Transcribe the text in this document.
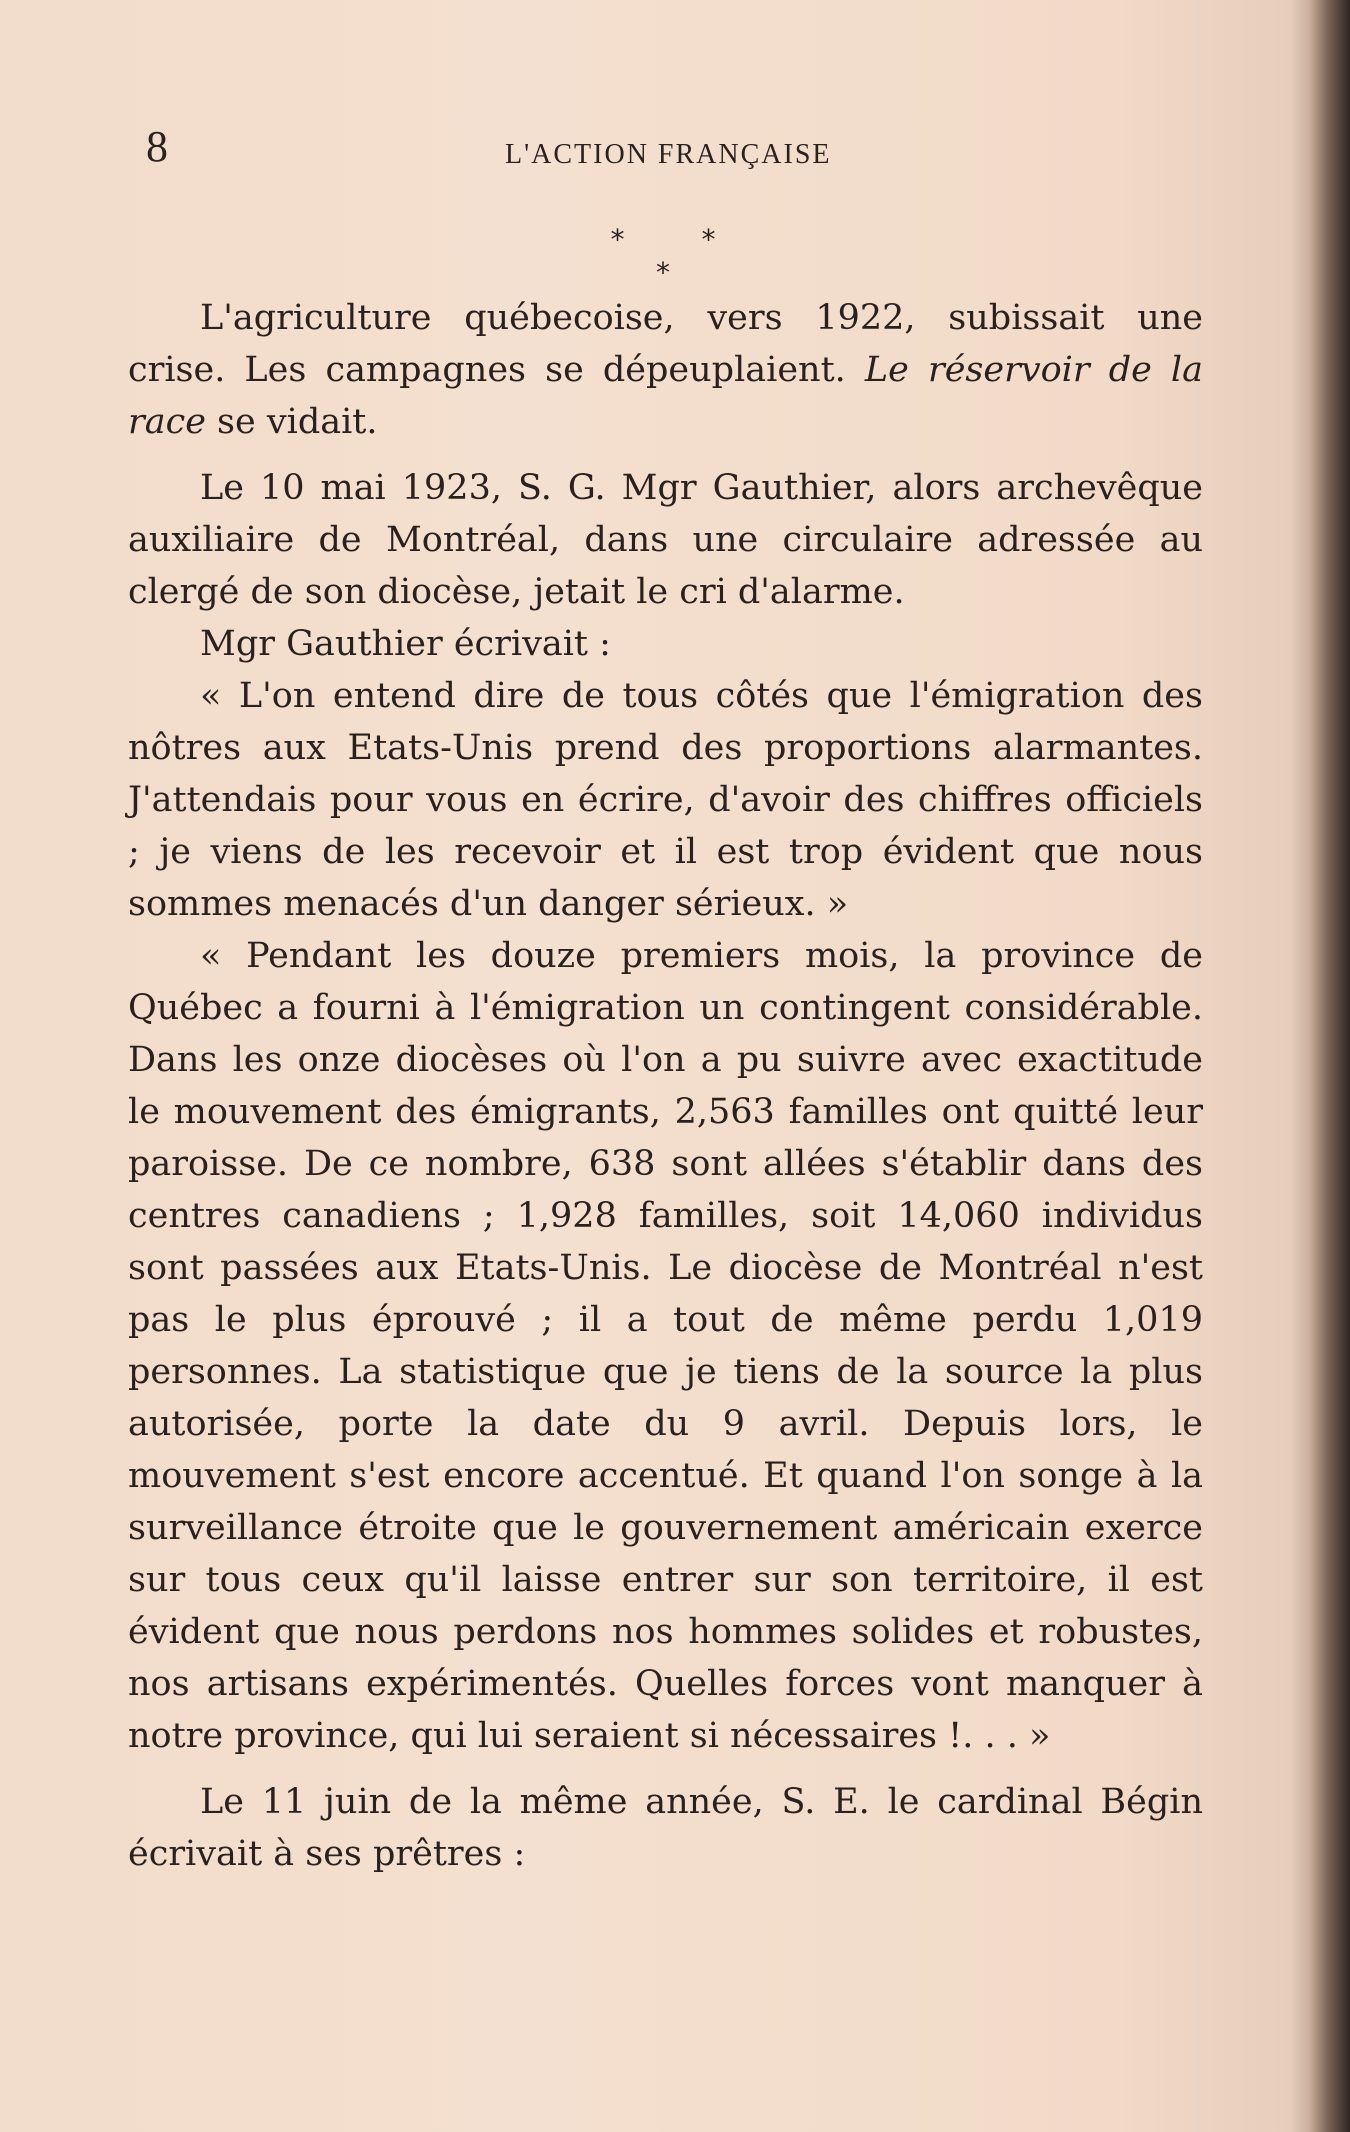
8	L'ACTION FRANÇAISE
* * *

L'agriculture québecoise, vers 1922, subissait une crise. Les campagnes se dépeuplaient. Le réservoir de la race se vidait.

Le 10 mai 1923, S. G. Mgr Gauthier, alors archevêque auxiliaire de Montréal, dans une circulaire adressée au clergé de son diocèse, jetait le cri d'alarme.

Mgr Gauthier écrivait :

« L'on entend dire de tous côtés que l'émigration des nôtres aux Etats-Unis prend des proportions alarmantes. J'attendais pour vous en écrire, d'avoir des chiffres officiels ; je viens de les recevoir et il est trop évident que nous sommes menacés d'un danger sérieux. »

« Pendant les douze premiers mois, la province de Québec a fourni à l'émigration un contingent considérable. Dans les onze diocèses où l'on a pu suivre avec exactitude le mouvement des émigrants, 2,563 familles ont quitté leur paroisse. De ce nombre, 638 sont allées s'établir dans des centres canadiens ; 1,928 familles, soit 14,060 individus sont passées aux Etats-Unis. Le diocèse de Montréal n'est pas le plus éprouvé ; il a tout de même perdu 1,019 personnes. La statistique que je tiens de la source la plus autorisée, porte la date du 9 avril. Depuis lors, le mouvement s'est encore accentué. Et quand l'on songe à la surveillance étroite que le gouvernement américain exerce sur tous ceux qu'il laisse entrer sur son territoire, il est évident que nous perdons nos hommes solides et robustes, nos artisans expérimentés. Quelles forces vont manquer à notre province, qui lui seraient si nécessaires !. . . »

Le 11 juin de la même année, S. E. le cardinal Bégin écrivait à ses prêtres :
